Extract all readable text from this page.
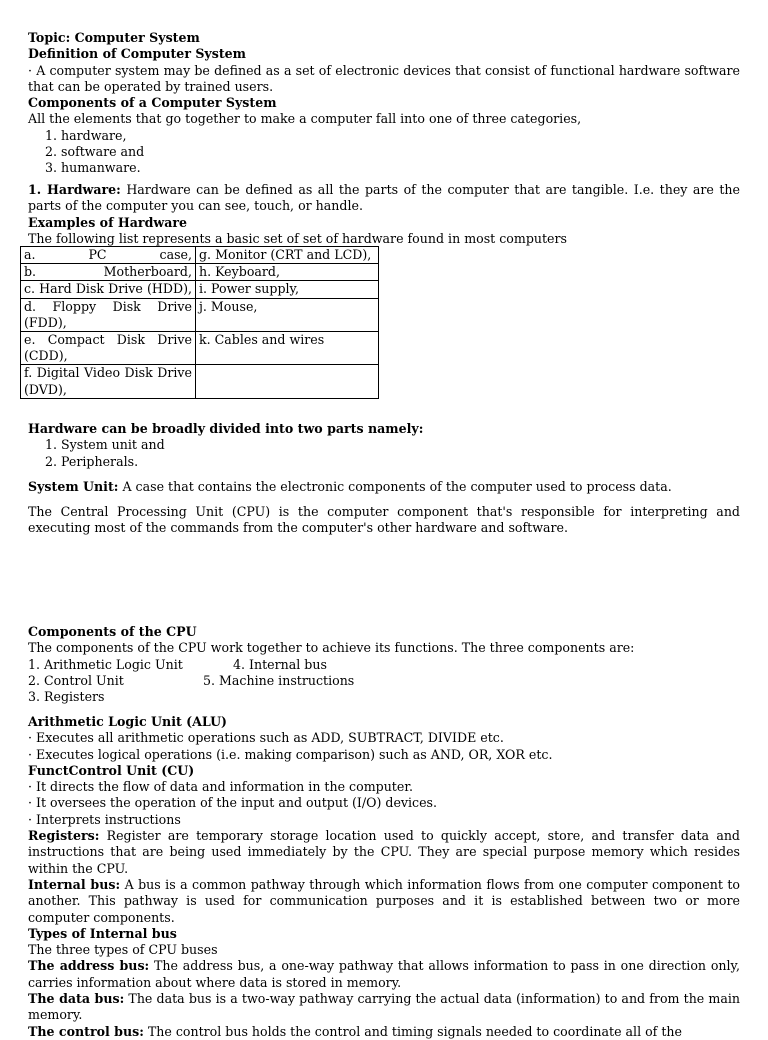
Topic: Computer System

Definition of Computer System

· A computer system may be defined as a set of electronic devices that consist of functional hardware software that can be operated by trained users.

Components of a Computer System

All the elements that go together to make a computer fall into one of three categories,

1. hardware,

2. software and

3. humanware.

1. Hardware: Hardware can be defined as all the parts of the computer that are tangible. I.e. they are the parts of the computer you can see, touch, or handle.

Examples of Hardware

The following list represents a basic set of set of hardware found in most computers

a. PC case,	g. Monitor (CRT and LCD),
b. Motherboard,	h. Keyboard,
c. Hard Disk Drive (HDD),	i. Power supply,
d. Floppy Disk Drive (FDD),	j. Mouse,
e. Compact Disk Drive (CDD),	k. Cables and wires
f. Digital Video Disk Drive (DVD),	

Hardware can be broadly divided into two parts namely:

1. System unit and

2. Peripherals.

System Unit: A case that contains the electronic components of the computer used to process data.

The Central Processing Unit (CPU) is the computer component that's responsible for interpreting and executing most of the commands from the computer's other hardware and software.

Components of the CPU

The components of the CPU work together to achieve its functions. The three components are:

1. Arithmetic Logic Unit	4. Internal bus
2. Control Unit	5. Machine instructions

3. Registers

Arithmetic Logic Unit (ALU)

· Executes all arithmetic operations such as ADD, SUBTRACT, DIVIDE etc.

· Executes logical operations (i.e. making comparison) such as AND, OR, XOR etc.

FunctControl Unit (CU)

· It directs the flow of data and information in the computer.

· It oversees the operation of the input and output (I/O) devices.

· Interprets instructions

Registers: Register are temporary storage location used to quickly accept, store, and transfer data and instructions that are being used immediately by the CPU. They are special purpose memory which resides within the CPU.

Internal bus: A bus is a common pathway through which information flows from one computer component to another. This pathway is used for communication purposes and it is established between two or more computer components.

Types of Internal bus

The three types of CPU buses

The address bus: The address bus, a one-way pathway that allows information to pass in one direction only, carries information about where data is stored in memory.

The data bus: The data bus is a two-way pathway carrying the actual data (information) to and from the main memory.

The control bus: The control bus holds the control and timing signals needed to coordinate all of the
